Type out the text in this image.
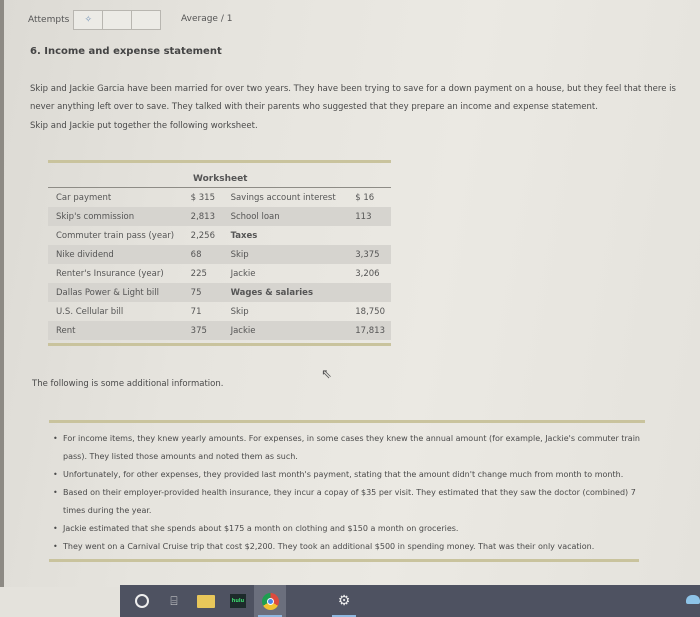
Attempts ✧	Average / 1
6. Income and expense statement
Skip and Jackie Garcia have been married for over two years. They have been trying to save for a down payment on a house, but they feel that there is never anything left over to save. They talked with their parents who suggested that they prepare an income and expense statement.
Skip and Jackie put together the following worksheet.
Worksheet
Car payment	$ 315	Savings account interest	$ 16
Skip's commission	2,813	School loan	113
Commuter train pass (year)	2,256	Taxes	
Nike dividend	68	Skip	3,375
Renter's Insurance (year)	225	Jackie	3,206
Dallas Power & Light bill	75	Wages & salaries	
U.S. Cellular bill	71	Skip	18,750
Rent	375	Jackie	17,813
⇖
The following is some additional information.
• For income items, they knew yearly amounts. For expenses, in some cases they knew the annual amount (for example, Jackie's commuter train pass). They listed those amounts and noted them as such.
• Unfortunately, for other expenses, they provided last month's payment, stating that the amount didn't change much from month to month.
• Based on their employer-provided health insurance, they incur a copay of $35 per visit. They estimated that they saw the doctor (combined) 7 times during the year.
• Jackie estimated that she spends about $175 a month on clothing and $150 a month on groceries.
• They went on a Carnival Cruise trip that cost $2,200. They took an additional $500 in spending money. That was their only vacation.
⌸	hulu	⚙
